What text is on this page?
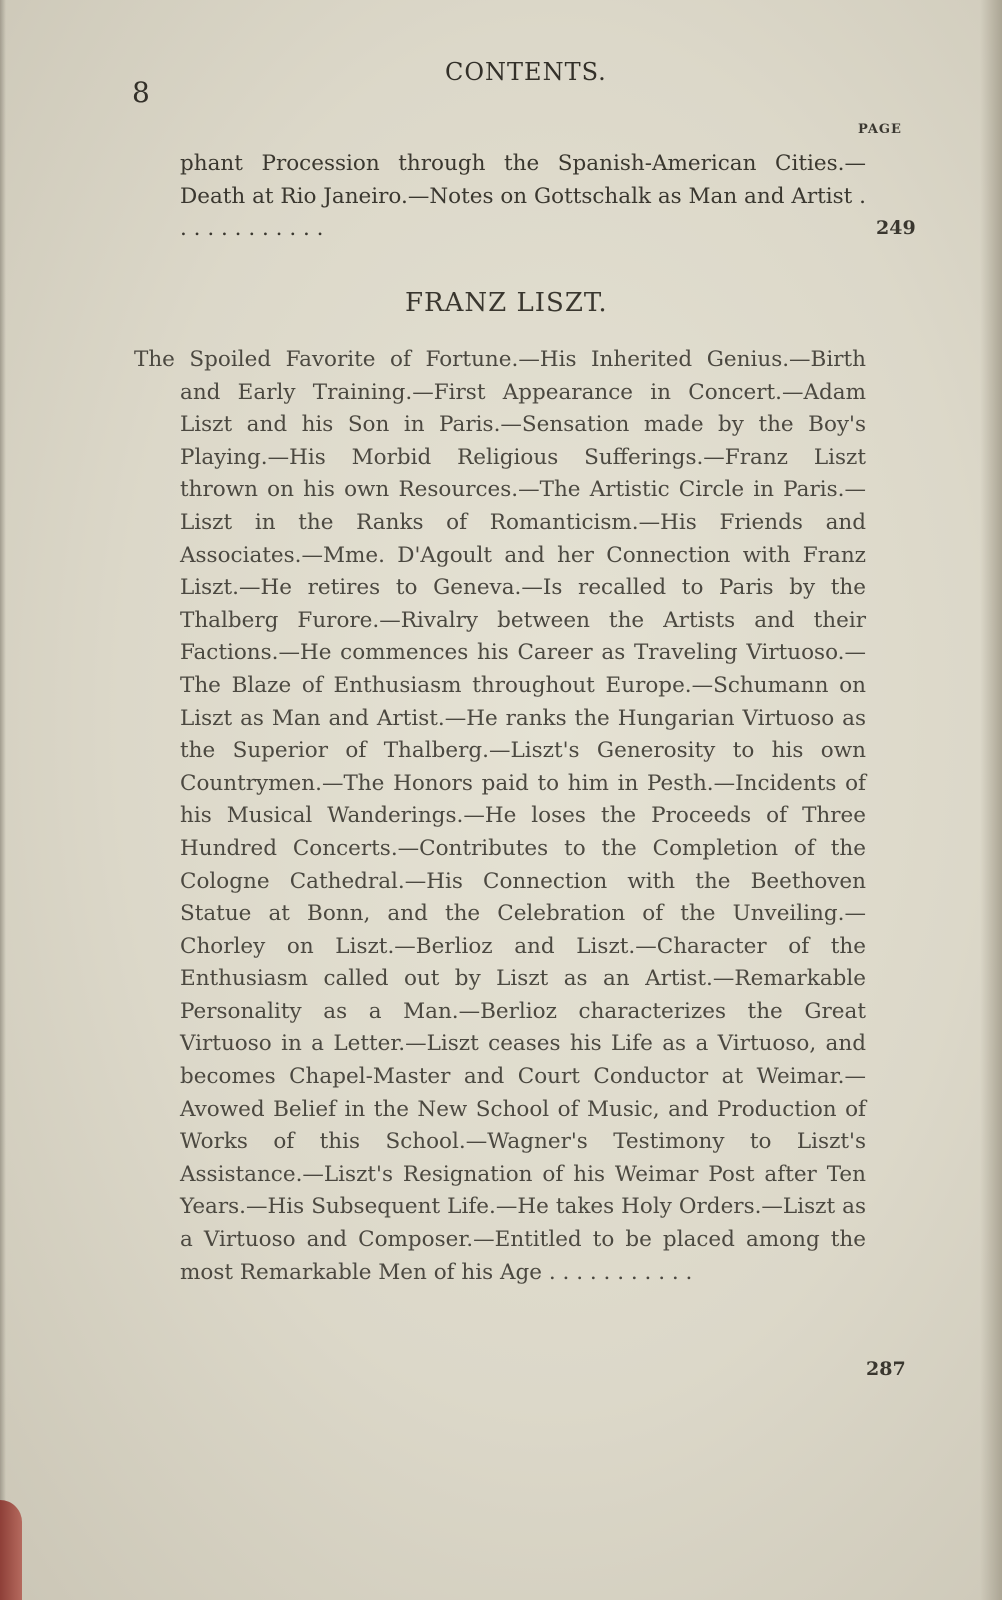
8
CONTENTS.
PAGE

phant Procession through the Spanish-American Cities.—Death at Rio Janeiro.—Notes on Gottschalk as Man and Artist . . . . . . . . . . . .	249
FRANZ LISZT.

The Spoiled Favorite of Fortune.—His Inherited Genius.—Birth and Early Training.—First Appearance in Concert.—Adam Liszt and his Son in Paris.—Sensation made by the Boy's Playing.—His Morbid Religious Sufferings.—Franz Liszt thrown on his own Resources.—The Artistic Circle in Paris.—Liszt in the Ranks of Romanticism.—His Friends and Associates.—Mme. D'Agoult and her Connection with Franz Liszt.—He retires to Geneva.—Is recalled to Paris by the Thalberg Furore.—Rivalry between the Artists and their Factions.—He commences his Career as Traveling Virtuoso.—The Blaze of Enthusiasm throughout Europe.—Schumann on Liszt as Man and Artist.—He ranks the Hungarian Virtuoso as the Superior of Thalberg.—Liszt's Generosity to his own Countrymen.—The Honors paid to him in Pesth.—Incidents of his Musical Wanderings.—He loses the Proceeds of Three Hundred Concerts.—Contributes to the Completion of the Cologne Cathedral.—His Connection with the Beethoven Statue at Bonn, and the Celebration of the Unveiling.—Chorley on Liszt.—Berlioz and Liszt.—Character of the Enthusiasm called out by Liszt as an Artist.—Remarkable Personality as a Man.—Berlioz characterizes the Great Virtuoso in a Letter.—Liszt ceases his Life as a Virtuoso, and becomes Chapel-Master and Court Conductor at Weimar.—Avowed Belief in the New School of Music, and Production of Works of this School.—Wagner's Testimony to Liszt's Assistance.—Liszt's Resignation of his Weimar Post after Ten Years.—His Subsequent Life.—He takes Holy Orders.—Liszt as a Virtuoso and Composer.—Entitled to be placed among the most Remarkable Men of his Age . . . . . . . . . . .

287
